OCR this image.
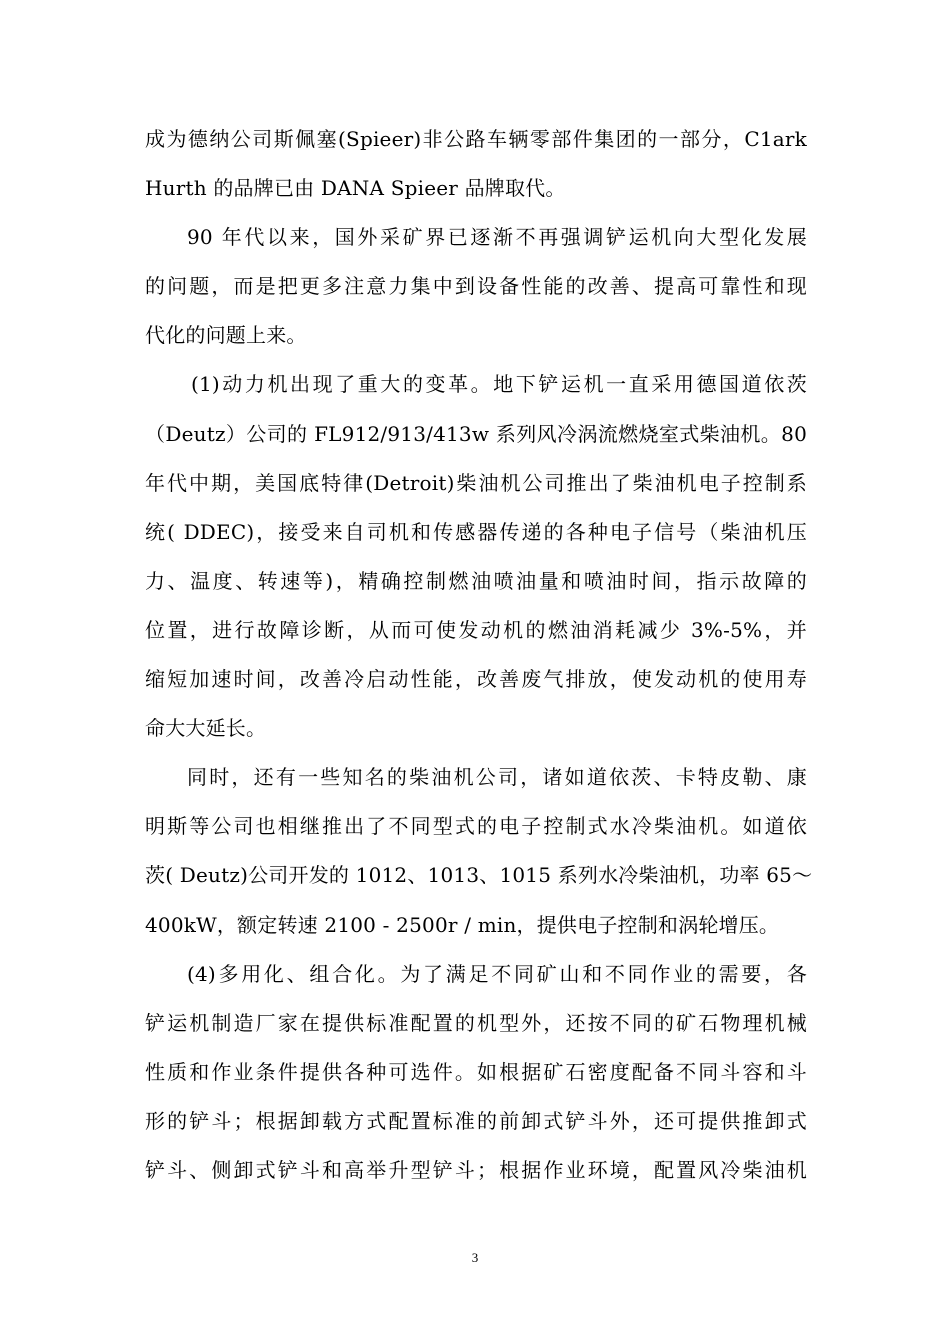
成为德纳公司斯佩塞(Spieer)非公路车辆零部件集团的一部分，C1ark
Hurth 的品牌已由 DANA Spieer 品牌取代。
90 年代以来，国外采矿界已逐渐不再强调铲运机向大型化发展
的问题，而是把更多注意力集中到设备性能的改善、提高可靠性和现
代化的问题上来。
(1)动力机出现了重大的变革。地下铲运机一直采用德国道依茨
（Deutz）公司的 FL912/913/413w 系列风冷涡流燃烧室式柴油机。80
年代中期，美国底特律(Detroit)柴油机公司推出了柴油机电子控制系
统( DDEC)，接受来自司机和传感器传递的各种电子信号（柴油机压
力、温度、转速等)，精确控制燃油喷油量和喷油时间，指示故障的
位置，进行故障诊断，从而可使发动机的燃油消耗减少 3%-5%，并
缩短加速时间，改善冷启动性能，改善废气排放，使发动机的使用寿
命大大延长。
同时，还有一些知名的柴油机公司，诸如道依茨、卡特皮勒、康
明斯等公司也相继推出了不同型式的电子控制式水冷柴油机。如道依
茨( Deutz)公司开发的 1012、1013、1015 系列水冷柴油机，功率 65～
400kW，额定转速 2100 - 2500r / min，提供电子控制和涡轮增压。
(4)多用化、组合化。为了满足不同矿山和不同作业的需要，各
铲运机制造厂家在提供标准配置的机型外，还按不同的矿石物理机械
性质和作业条件提供各种可选件。如根据矿石密度配备不同斗容和斗
形的铲斗；根据卸载方式配置标准的前卸式铲斗外，还可提供推卸式
铲斗、侧卸式铲斗和高举升型铲斗；根据作业环境，配置风冷柴油机
3
